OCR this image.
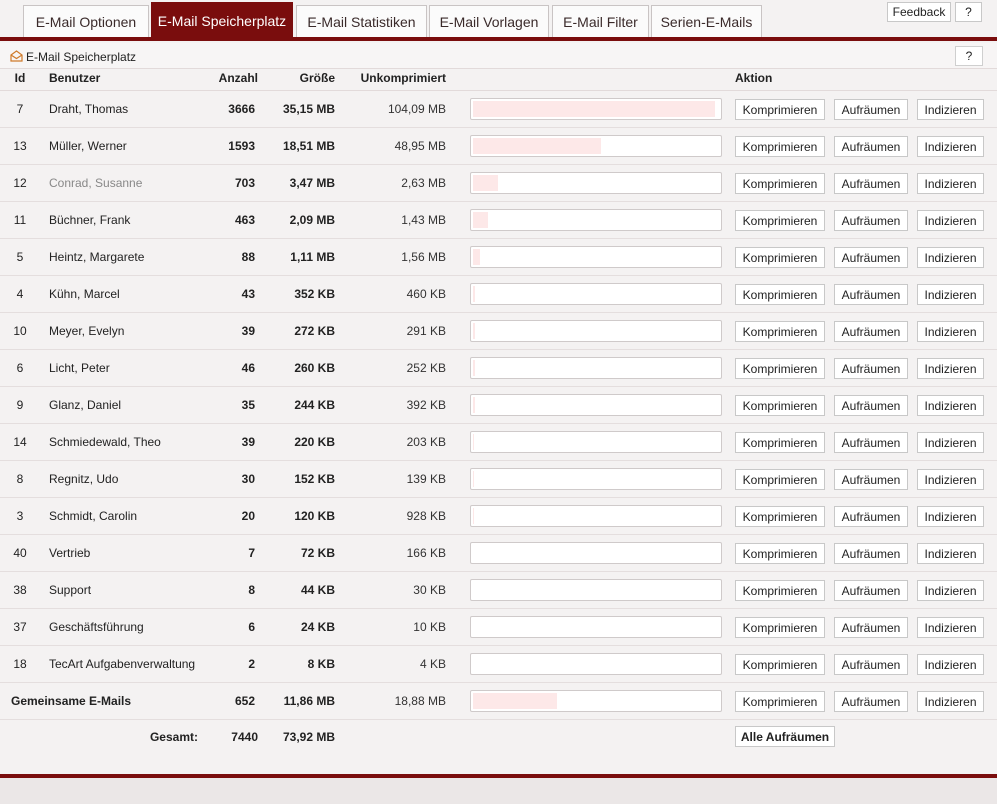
E-Mail Optionen	E-Mail Speicherplatz	E-Mail Statistiken	E-Mail Vorlagen	E-Mail Filter	Serien-E-Mails
Feedback	?
E-Mail Speicherplatz	?
Id	Benutzer	Anzahl	Größe	Unkomprimiert	Aktion
7	Draht, Thomas	3666	35,15 MB	104,09 MB	Komprimieren	Aufräumen	Indizieren
13	Müller, Werner	1593	18,51 MB	48,95 MB	Komprimieren	Aufräumen	Indizieren
12	Conrad, Susanne	703	3,47 MB	2,63 MB	Komprimieren	Aufräumen	Indizieren
11	Büchner, Frank	463	2,09 MB	1,43 MB	Komprimieren	Aufräumen	Indizieren
5	Heintz, Margarete	88	1,11 MB	1,56 MB	Komprimieren	Aufräumen	Indizieren
4	Kühn, Marcel	43	352 KB	460 KB	Komprimieren	Aufräumen	Indizieren
10	Meyer, Evelyn	39	272 KB	291 KB	Komprimieren	Aufräumen	Indizieren
6	Licht, Peter	46	260 KB	252 KB	Komprimieren	Aufräumen	Indizieren
9	Glanz, Daniel	35	244 KB	392 KB	Komprimieren	Aufräumen	Indizieren
14	Schmiedewald, Theo	39	220 KB	203 KB	Komprimieren	Aufräumen	Indizieren
8	Regnitz, Udo	30	152 KB	139 KB	Komprimieren	Aufräumen	Indizieren
3	Schmidt, Carolin	20	120 KB	928 KB	Komprimieren	Aufräumen	Indizieren
40	Vertrieb	7	72 KB	166 KB	Komprimieren	Aufräumen	Indizieren
38	Support	8	44 KB	30 KB	Komprimieren	Aufräumen	Indizieren
37	Geschäftsführung	6	24 KB	10 KB	Komprimieren	Aufräumen	Indizieren
18	TecArt Aufgabenverwaltung	2	8 KB	4 KB	Komprimieren	Aufräumen	Indizieren
Gemeinsame E-Mails	652	11,86 MB	18,88 MB	Komprimieren	Aufräumen	Indizieren
Gesamt:	7440	73,92 MB	Alle Aufräumen
